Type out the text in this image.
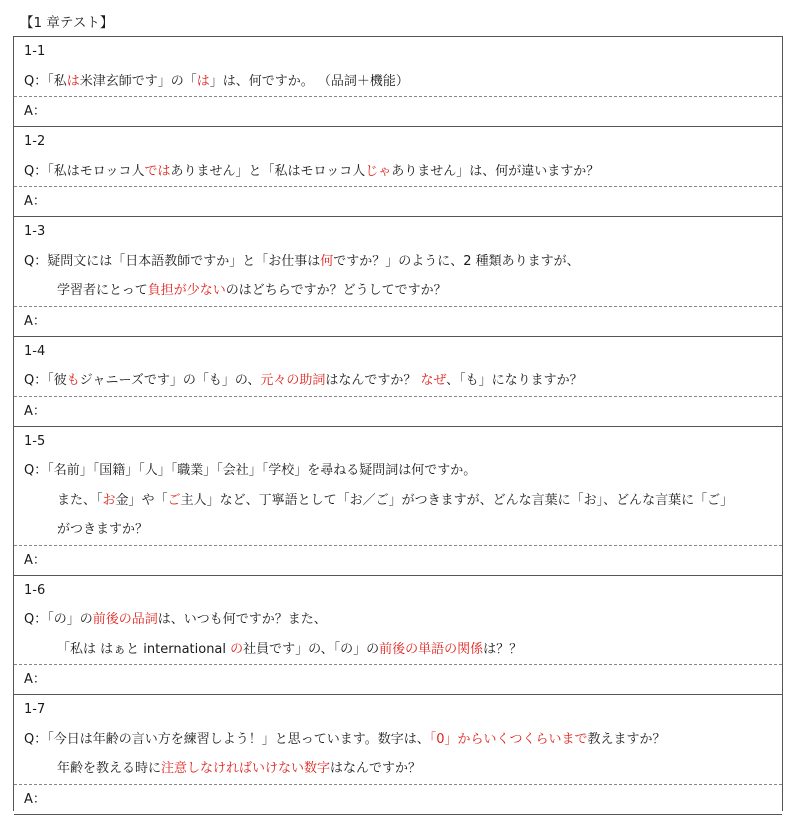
【1 章テスト】
1-1
Q：「私は米津玄師です」の「は」は、何ですか。 （品詞＋機能）
A：
1-2
Q：「私はモロッコ人ではありません」と「私はモロッコ人じゃありません」は、何が違いますか？
A：
1-3
Q：疑問文には「日本語教師ですか」と「お仕事は何ですか？」のように、2 種類ありますが、
学習者にとって負担が少ないのはどちらですか？どうしてですか？
A：
1-4
Q：「彼もジャニーズです」の「も」の、元々の助詞はなんですか？ なぜ、「も」になりますか？
A：
1-5
Q：「名前」「国籍」「人」「職業」「会社」「学校」を尋ねる疑問詞は何ですか。
また、「お金」や「ご主人」など、丁寧語として「お／ご」がつきますが、どんな言葉に「お」、どんな言葉に「ご」
がつきますか？
A：
1-6
Q：「の」の前後の品詞は、いつも何ですか？また、
「私は はぁと international の社員です」の、「の」の前後の単語の関係は？？
A：
1-7
Q：「今日は年齢の言い方を練習しよう！」と思っています。数字は、「0」からいくつくらいまで教えますか？
年齢を教える時に注意しなければいけない数字はなんですか？
A：
